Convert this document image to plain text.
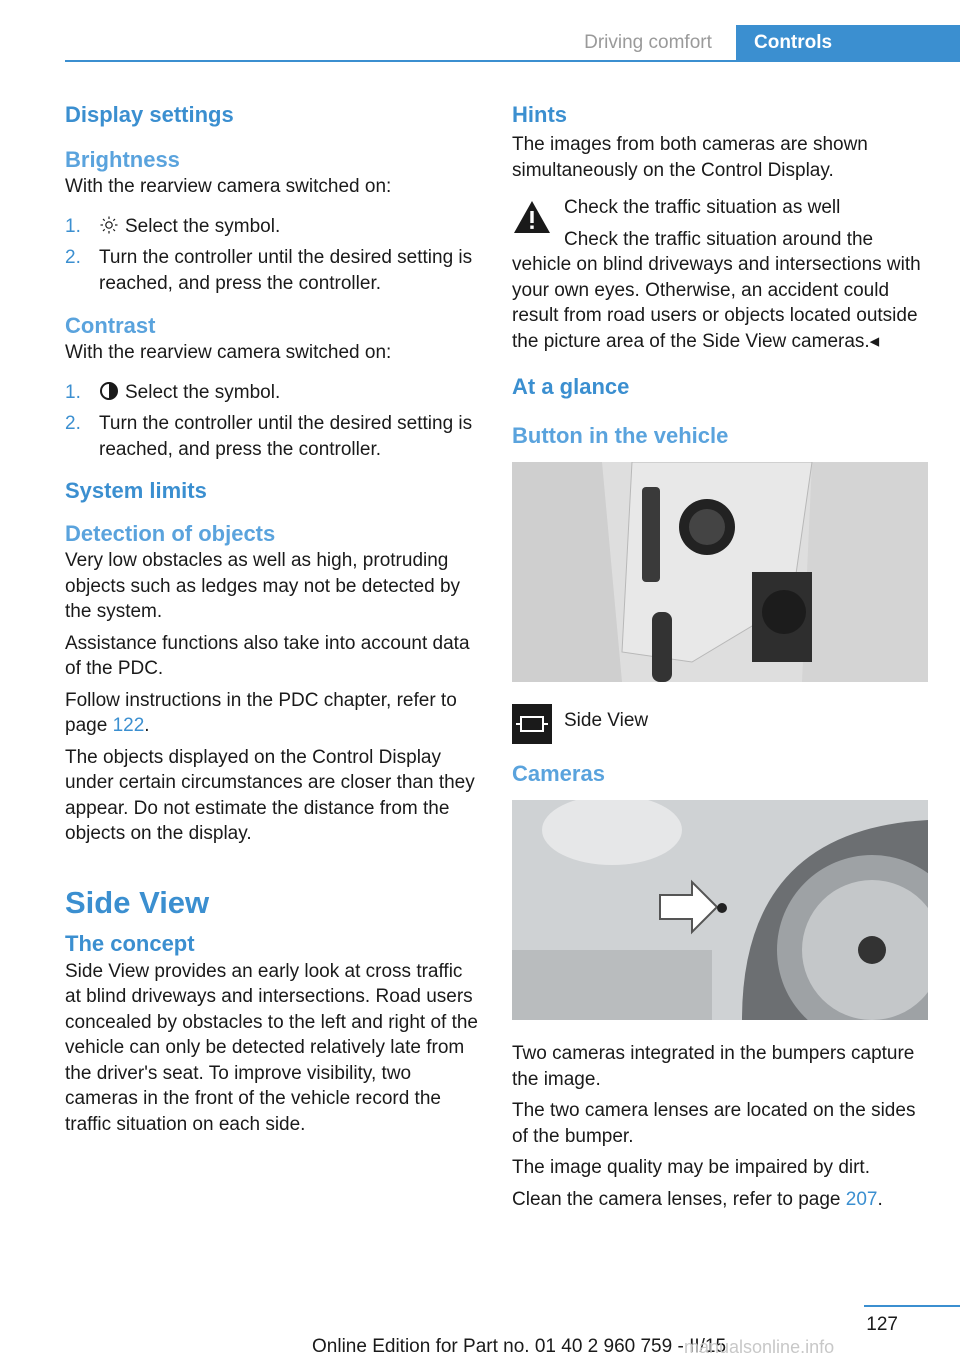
Driving comfort	Controls
Display settings
Brightness

With the rearview camera switched on:

1. Select the symbol.
2. Turn the controller until the desired setting is reached, and press the controller.
Contrast

With the rearview camera switched on:

1. Select the symbol.
2. Turn the controller until the desired setting is reached, and press the controller.
System limits
Detection of objects

Very low obstacles as well as high, protruding objects such as ledges may not be detected by the system.

Assistance functions also take into account data of the PDC.

Follow instructions in the PDC chapter, refer to page 122.

The objects displayed on the Control Display under certain circumstances are closer than they appear. Do not estimate the distance from the objects on the display.

Side View
The concept

Side View provides an early look at cross traffic at blind driveways and intersections. Road users concealed by obstacles to the left and right of the vehicle can only be detected relatively late from the driver's seat. To improve visibility, two cameras in the front of the vehicle record the traffic situation on each side.

Hints

The images from both cameras are shown simultaneously on the Control Display.

Check the traffic situation as well

Check the traffic situation around the vehicle on blind driveways and intersections with your own eyes. Otherwise, an accident could result from road users or objects located outside the picture area of the Side View cameras.◂

At a glance
Button in the vehicle
Side View
Cameras

Two cameras integrated in the bumpers capture the image.

The two camera lenses are located on the sides of the bumper.

The image quality may be impaired by dirt.

Clean the camera lenses, refer to page 207.

127
Online Edition for Part no. 01 40 2 960 759 - II/15
manualsonline.info
